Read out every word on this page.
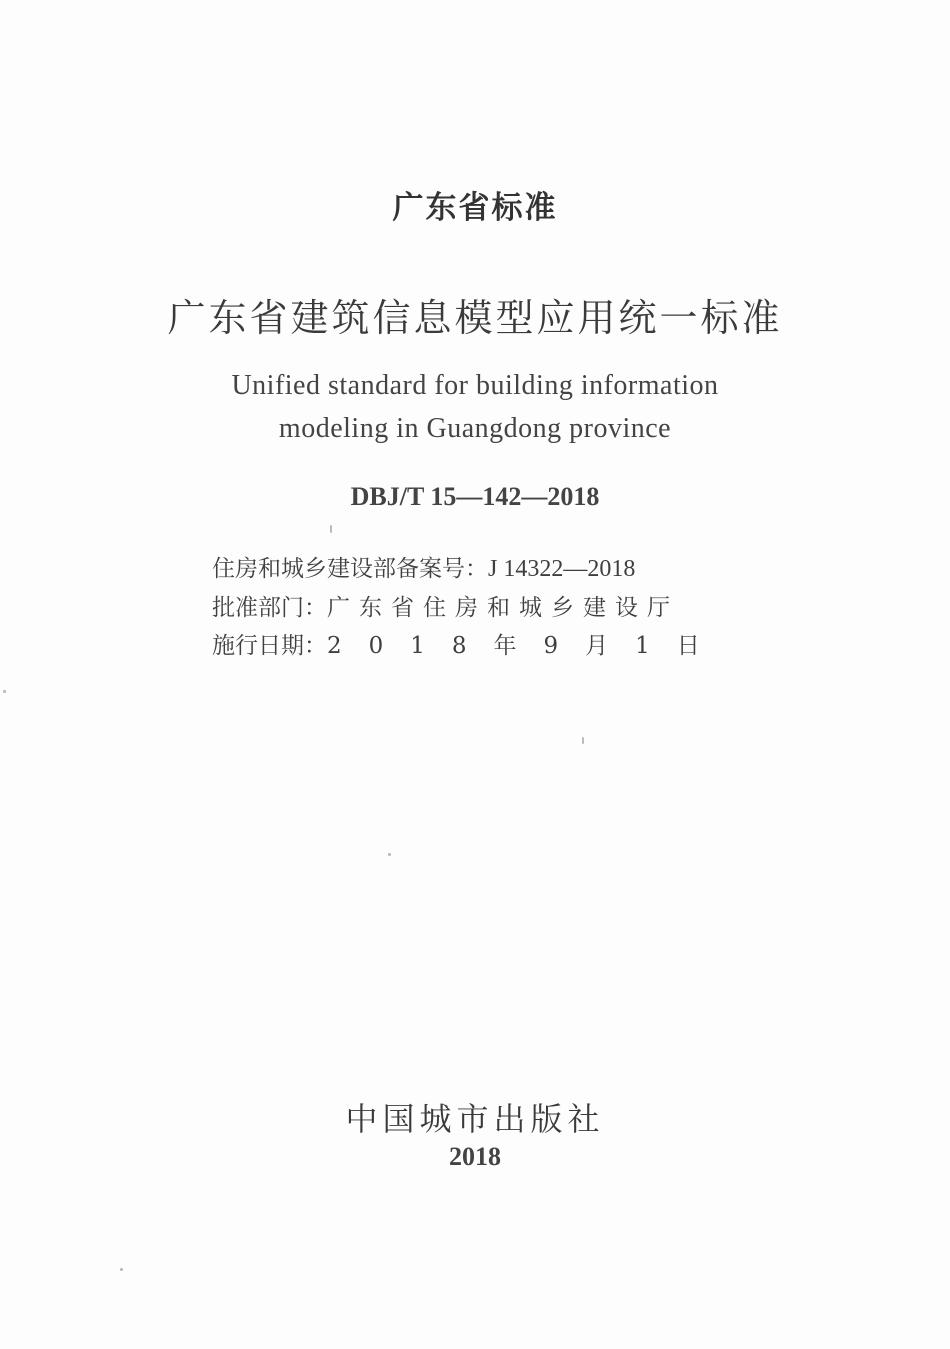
广东省标准
广东省建筑信息模型应用统一标准
Unified standard for building information
modeling in Guangdong province
DBJ/T 15—142—2018
住房和城乡建设部备案号：J 14322—2018
批准部门：广东省住房和城乡建设厅
施行日期：2018年9月1日
中国城市出版社
2018
